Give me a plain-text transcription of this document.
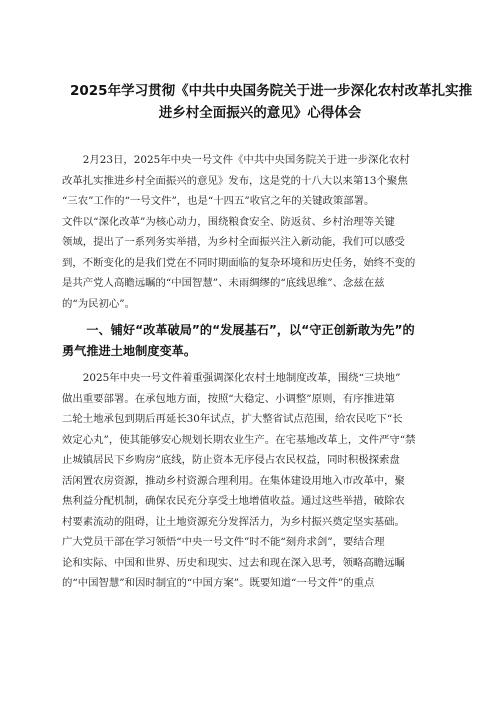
2025年学习贯彻《中共中央国务院关于进一步深化农村改革扎实推
进乡村全面振兴的意见》心得体会
　　2月23日，2025年中央一号文件《中共中央国务院关于进一步深化农村
改革扎实推进乡村全面振兴的意见》发布，这是党的十八大以来第13个聚焦
“三农”工作的“一号文件”，也是“十四五”收官之年的关键政策部署。
文件以“深化改革”为核心动力，围绕粮食安全、防返贫、乡村治理等关键
领域，提出了一系列务实举措，为乡村全面振兴注入新动能，我们可以感受
到，不断变化的是我们党在不同时期面临的复杂环境和历史任务，始终不变的
是共产党人高瞻远瞩的“中国智慧”、未雨绸缪的“底线思维”、念兹在兹
的“为民初心”。
　　一、铺好“改革破局”的“发展基石”，以“守正创新敢为先”的
勇气推进土地制度变革。
　　2025年中央一号文件着重强调深化农村土地制度改革，围绕“三块地”
做出重要部署。在承包地方面，按照“大稳定、小调整”原则，有序推进第
二轮土地承包到期后再延长30年试点，扩大整省试点范围，给农民吃下“长
效定心丸”，使其能够安心规划长期农业生产。在宅基地改革上，文件严守“禁
止城镇居民下乡购房”底线，防止资本无序侵占农民权益，同时积极探索盘
活闲置农房资源，推动乡村资源合理利用。在集体建设用地入市改革中，聚
焦利益分配机制，确保农民充分享受土地增值收益。通过这些举措，破除农
村要素流动的阻碍，让土地资源充分发挥活力，为乡村振兴奠定坚实基础。
广大党员干部在学习领悟“中央一号文件”时不能“刻舟求剑”，要结合理
论和实际、中国和世界、历史和现实、过去和现在深入思考，领略高瞻远瞩
的“中国智慧”和因时制宜的“中国方案”。既要知道“一号文件”的重点
